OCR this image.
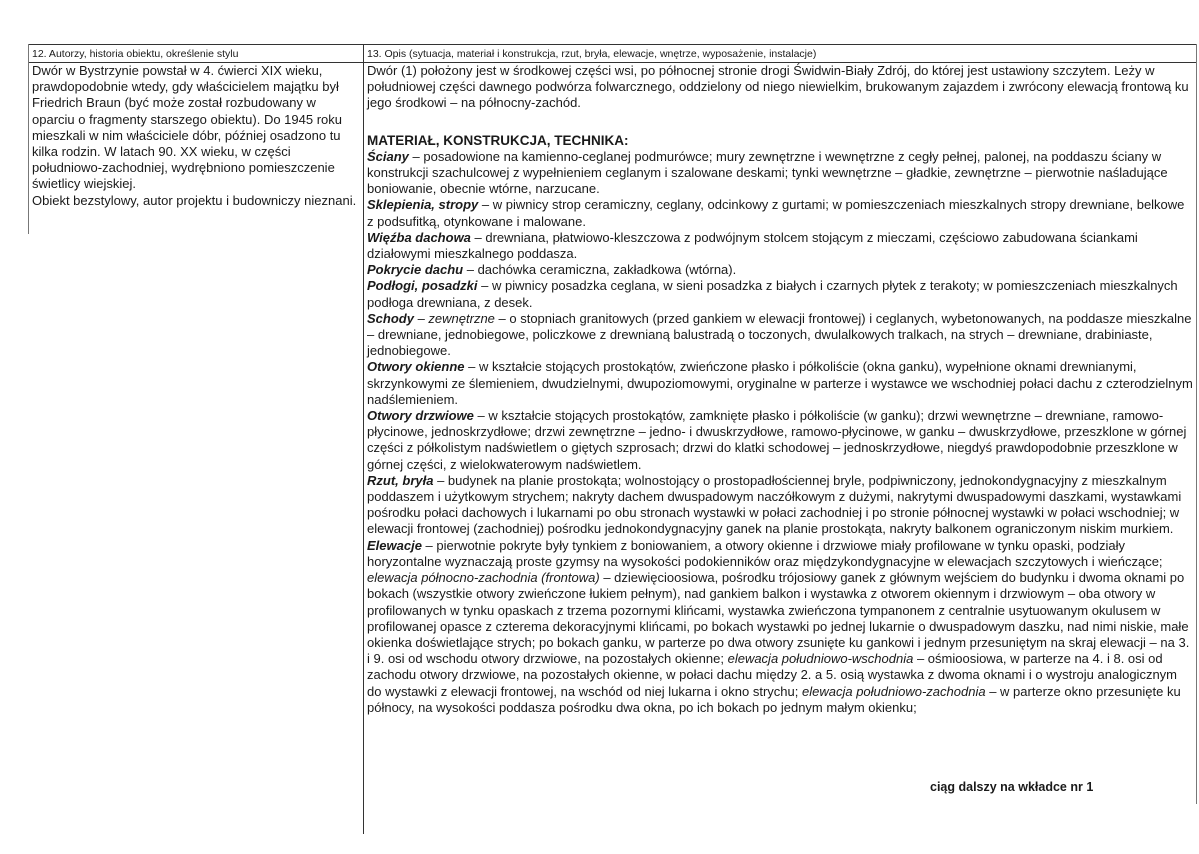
12. Autorzy, historia obiektu, określenie stylu	13. Opis (sytuacja, materiał i konstrukcja, rzut, bryła, elewacje, wnętrze, wyposażenie, instalacje)

Dwór w Bystrzynie powstał w 4. ćwierci XIX wieku, prawdopodobnie wtedy, gdy właścicielem majątku był Friedrich Braun (być może został rozbudowany w oparciu o fragmenty starszego obiektu). Do 1945 roku mieszkali w nim właściciele dóbr, później osadzono tu kilka rodzin. W latach 90. XX wieku, w części południowo-zachodniej, wydrębniono pomieszczenie świetlicy wiejskiej.

Obiekt bezstylowy, autor projektu i budowniczy nieznani.

Dwór (1) położony jest w środkowej części wsi, po północnej stronie drogi Świdwin-Biały Zdrój, do której jest ustawiony szczytem. Leży w południowej części dawnego podwórza folwarcznego, oddzielony od niego niewielkim, brukowanym zajazdem i zwrócony elewacją frontową ku jego środkowi – na północny-zachód.

MATERIAŁ, KONSTRUKCJA, TECHNIKA:

Ściany – posadowione na kamienno-ceglanej podmurówce; mury zewnętrzne i wewnętrzne z cegły pełnej, palonej, na poddaszu ściany w konstrukcji szachulcowej z wypełnieniem ceglanym i szalowane deskami; tynki wewnętrzne – gładkie, zewnętrzne – pierwotnie naśladujące boniowanie, obecnie wtórne, narzucane.

Sklepienia, stropy – w piwnicy strop ceramiczny, ceglany, odcinkowy z gurtami; w pomieszczeniach mieszkalnych stropy drewniane, belkowe z podsufitką, otynkowane i malowane.

Więźba dachowa – drewniana, płatwiowo-kleszczowa z podwójnym stolcem stojącym z mieczami, częściowo zabudowana ściankami działowymi mieszkalnego poddasza.

Pokrycie dachu – dachówka ceramiczna, zakładkowa (wtórna).

Podłogi, posadzki – w piwnicy posadzka ceglana, w sieni posadzka z białych i czarnych płytek z terakoty; w pomieszczeniach mieszkalnych podłoga drewniana, z desek.

Schody – zewnętrzne – o stopniach granitowych (przed gankiem w elewacji frontowej) i ceglanych, wybetonowanych, na poddasze mieszkalne – drewniane, jednobiegowe, policzkowe z drewnianą balustradą o toczonych, dwulalkowych tralkach, na strych – drewniane, drabiniaste, jednobiegowe.

Otwory okienne – w kształcie stojących prostokątów, zwieńczone płasko i półkoliście (okna ganku), wypełnione oknami drewnianymi, skrzynkowymi ze ślemieniem, dwudzielnymi, dwupoziomowymi, oryginalne w parterze i wystawce we wschodniej połaci dachu z czterodzielnym nadślemieniem.

Otwory drzwiowe – w kształcie stojących prostokątów, zamknięte płasko i półkoliście (w ganku); drzwi wewnętrzne – drewniane, ramowo-płycinowe, jednoskrzydłowe; drzwi zewnętrzne – jedno- i dwuskrzydłowe, ramowo-płycinowe, w ganku – dwuskrzydłowe, przeszklone w górnej części z półkolistym nadświetlem o giętych szprosach; drzwi do klatki schodowej – jednoskrzydłowe, niegdyś prawdopodobnie przeszklone w górnej części, z wielokwaterowym nadświetlem.

Rzut, bryła – budynek na planie prostokąta; wolnostojący o prostopadłościennej bryle, podpiwniczony, jednokondygnacyjny z mieszkalnym poddaszem i użytkowym strychem; nakryty dachem dwuspadowym naczółkowym z dużymi, nakrytymi dwuspadowymi daszkami, wystawkami pośrodku połaci dachowych i lukarnami po obu stronach wystawki w połaci zachodniej i po stronie północnej wystawki w połaci wschodniej; w elewacji frontowej (zachodniej) pośrodku jednokondygnacyjny ganek na planie prostokąta, nakryty balkonem ograniczonym niskim murkiem.

Elewacje – pierwotnie pokryte były tynkiem z boniowaniem, a otwory okienne i drzwiowe miały profilowane w tynku opaski, podziały horyzontalne wyznaczają proste gzymsy na wysokości podokienników oraz międzykondygnacyjne w elewacjach szczytowych i wieńczące; elewacja północno-zachodnia (frontowa) – dziewięcioosiowa, pośrodku trójosiowy ganek z głównym wejściem do budynku i dwoma oknami po bokach (wszystkie otwory zwieńczone łukiem pełnym), nad gankiem balkon i wystawka z otworem okiennym i drzwiowym – oba otwory w profilowanych w tynku opaskach z trzema pozornymi klińcami, wystawka zwieńczona tympanonem z centralnie usytuowanym okulusem w profilowanej opasce z czterema dekoracyjnymi klińcami, po bokach wystawki po jednej lukarnie o dwuspadowym daszku, nad nimi niskie, małe okienka doświetlające strych; po bokach ganku, w parterze po dwa otwory zsunięte ku gankowi i jednym przesuniętym na skraj elewacji – na 3. i 9. osi od wschodu otwory drzwiowe, na pozostałych okienne; elewacja południowo-wschodnia – ośmioosiowa, w parterze na 4. i 8. osi od zachodu otwory drzwiowe, na pozostałych okienne, w połaci dachu między 2. a 5. osią wystawka z dwoma oknami i o wystroju analogicznym do wystawki z elewacji frontowej, na wschód od niej lukarna i okno strychu; elewacja południowo-zachodnia – w parterze okno przesunięte ku północy, na wysokości poddasza pośrodku dwa okna, po ich bokach po jednym małym okienku;

ciąg dalszy na wkładce nr 1
